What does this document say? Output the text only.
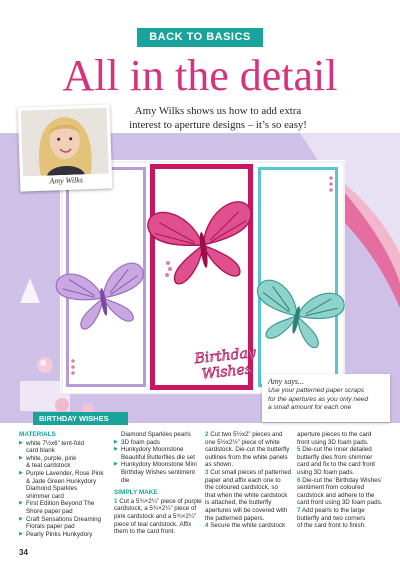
BACK TO BASICS
All in the detail
Amy Wilks shows us how to add extra
interest to aperture designs – it’s so easy!
Birthday Wishes
Amy Wilks
BIRTHDAY WISHES
Amy says...
Use your patterned paper scraps
for the apertures as you only need
a small amount for each one
MATERIALS
▶ white 7½x6” tent-fold
card blank
▶ white, purple, pink
& teal cardstock
▶ Purple Lavender, Rose Pink
& Jade Green Hunkydory
Diamond Sparkles
shimmer card
▶ First Edition Beyond The
Shore paper pad
▶ Craft Sensations Dreaming
Florals paper pad
▶ Pearly Pinks Hunkydory
Diamond Sparkles pearls
▶ 3D foam pads
▶ Hunkydory Moonstone
Beautiful Butterflies die set
▶ Hunkydory Moonstone Mini
Birthday Wishes sentiment die
SIMPLY MAKE
1 Cut a 5¾×2¼” piece of purple
cardstock, a 5¾×2¼” piece of
pink cardstock and a 5¾×2¼”
piece of teal cardstock. Affix
them to the card front.
2 Cut two 5½x2” pieces and
one 5½x2½” piece of white
cardstock. Die-cut the butterfly
outlines from the white panels
as shown.
3 Cut small pieces of patterned
paper and affix each one to
the coloured cardstock, so
that when the white cardstock
is attached, the butterfly
apertures will be covered with
the patterned papers.
4 Secure the white cardstock
aperture pieces to the card
front using 3D foam pads.
5 Die-cut the inner detailed
butterfly dies from shimmer
card and fix to the card front
using 3D foam pads.
6 Die-cut the ‘Birthday Wishes’
sentiment from coloured
cardstock and adhere to the
card front using 3D foam pads.
7 Add pearls to the large
butterfly and two corners
of the card front to finish.
34
